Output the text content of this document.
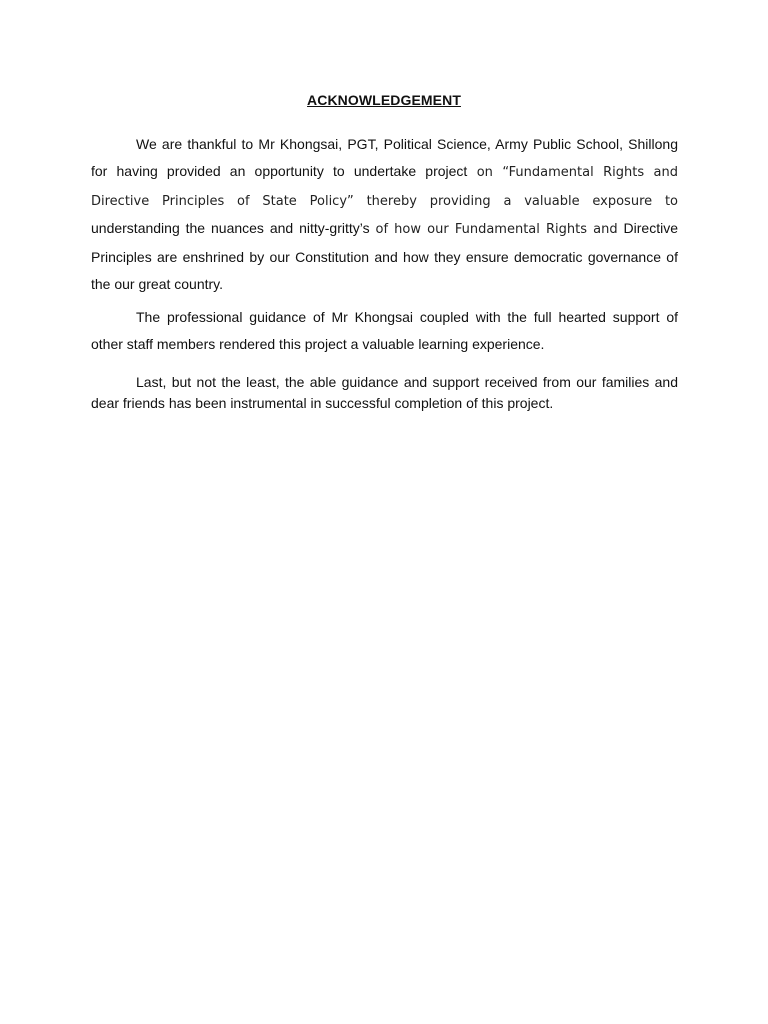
ACKNOWLEDGEMENT

We are thankful to Mr Khongsai, PGT, Political Science, Army Public School, Shillong for having provided an opportunity to undertake project on “Fundamental Rights and Directive Principles of State Policy” thereby providing a valuable exposure to understanding the nuances and nitty-gritty’s of how our Fundamental Rights and Directive Principles are enshrined by our Constitution and how they ensure democratic governance of the our great country.

The professional guidance of Mr Khongsai coupled with the full hearted support of other staff members rendered this project a valuable learning experience.

Last, but not the least, the able guidance and support received from our families and dear friends has been instrumental in successful completion of this project.
